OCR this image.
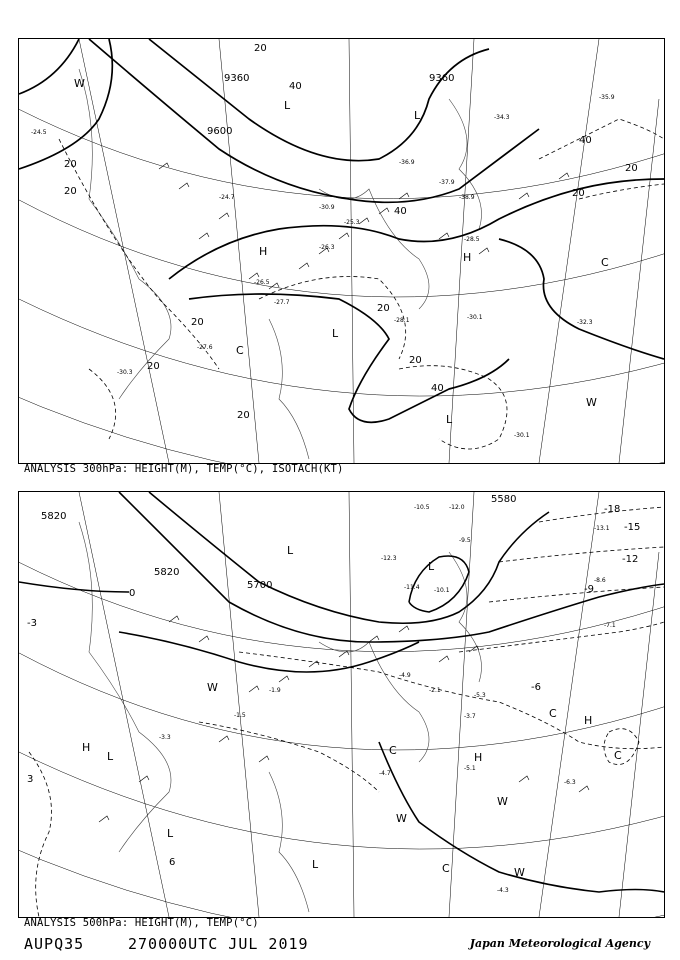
9360	9360
9600
20
20
20
20
20
20
20
20
20
20
40
40
40
40
L
L
L
L
H	H
C
C
W
W
-24.5
-27.6
-30.3
-30.1
-28.1
-28.5
-30.1
-32.3
-34.3
-35.9
-36.9
-37.9
-38.9
-30.9
-27.7
-26.5
-26.3
-25.3
-24.7
ANALYSIS 300hPa: HEIGHT(M), TEMP(°C), ISOTACH(KT)
5820
5820
5700
5580
-18
-15
-12
-9
-6
-3
0
3
6
L
L
L
L
L
H
H
H
C
C
C
C
W
W
W
W
-10.5	-12.0
-12.3
-10.1
-9.5
-11.4
-13.1
-7.1
-6.3
-5.3
-5.1
-4.9
-4.3
-3.7
-3.3
-2.1
-1.5
-1.9
-4.7
-8.6
ANALYSIS 500hPa: HEIGHT(M), TEMP(°C)
AUPQ35	270000UTC JUL 2019	Japan Meteorological Agency
